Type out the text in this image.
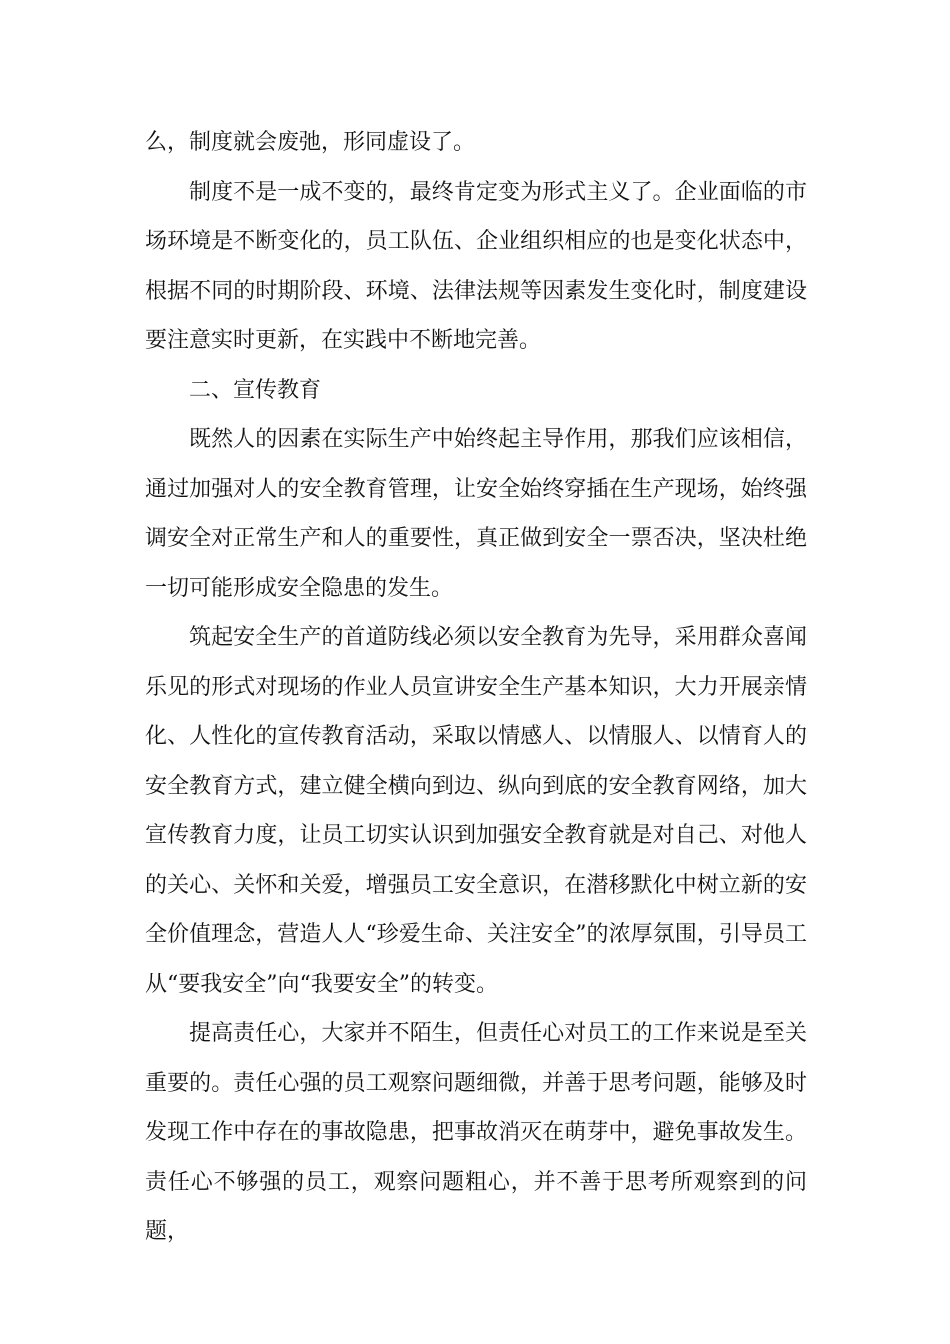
么，制度就会废弛，形同虚设了。

制度不是一成不变的，最终肯定变为形式主义了。企业面临的市场环境是不断变化的，员工队伍、企业组织相应的也是变化状态中，根据不同的时期阶段、环境、法律法规等因素发生变化时，制度建设要注意实时更新，在实践中不断地完善。

二、宣传教育

既然人的因素在实际生产中始终起主导作用，那我们应该相信，通过加强对人的安全教育管理，让安全始终穿插在生产现场，始终强调安全对正常生产和人的重要性，真正做到安全一票否决，坚决杜绝一切可能形成安全隐患的发生。

筑起安全生产的首道防线必须以安全教育为先导，采用群众喜闻乐见的形式对现场的作业人员宣讲安全生产基本知识，大力开展亲情化、人性化的宣传教育活动，采取以情感人、以情服人、以情育人的安全教育方式，建立健全横向到边、纵向到底的安全教育网络，加大宣传教育力度，让员工切实认识到加强安全教育就是对自己、对他人的关心、关怀和关爱，增强员工安全意识，在潜移默化中树立新的安全价值理念，营造人人“珍爱生命、关注安全”的浓厚氛围，引导员工从“要我安全”向“我要安全”的转变。

提高责任心，大家并不陌生，但责任心对员工的工作来说是至关重要的。责任心强的员工观察问题细微，并善于思考问题，能够及时发现工作中存在的事故隐患，把事故消灭在萌芽中，避免事故发生。责任心不够强的员工，观察问题粗心，并不善于思考所观察到的问题，
